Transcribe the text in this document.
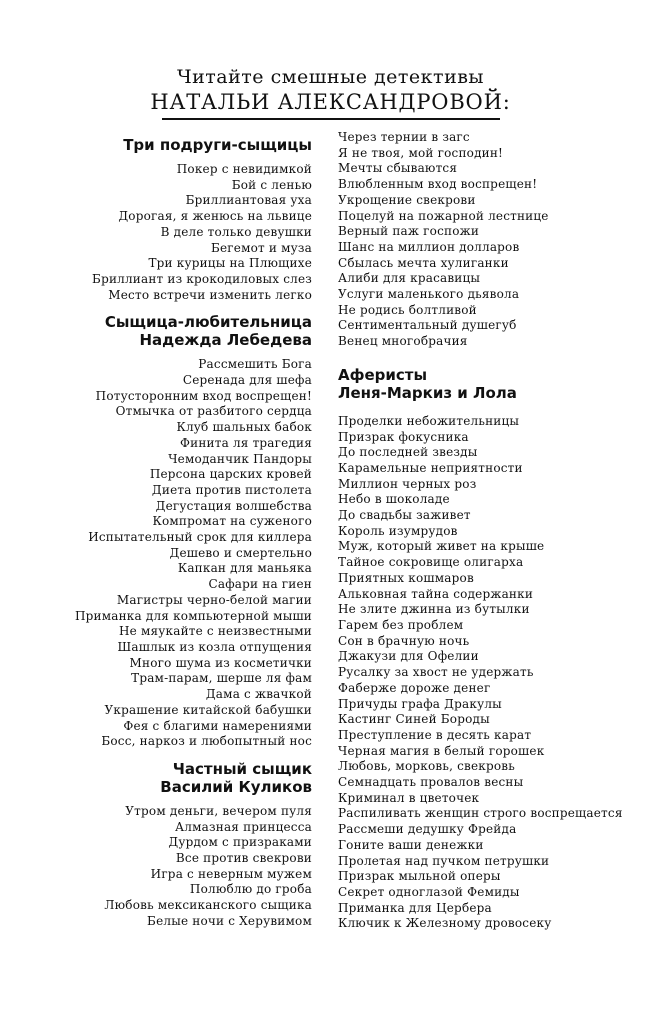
Читайте смешные детективы
НАТАЛЬИ АЛЕКСАНДРОВОЙ:
Три подруги-сыщицы
Покер с невидимкой
Бой с ленью
Бриллиантовая уха
Дорогая, я женюсь на львице
В деле только девушки
Бегемот и муза
Три курицы на Плющихе
Бриллиант из крокодиловых слез
Место встречи изменить легко
Сыщица-любительница
Надежда Лебедева
Рассмешить Бога
Серенада для шефа
Потусторонним вход воспрещен!
Отмычка от разбитого сердца
Клуб шальных бабок
Финита ля трагедия
Чемоданчик Пандоры
Персона царских кровей
Диета против пистолета
Дегустация волшебства
Компромат на суженого
Испытательный срок для киллера
Дешево и смертельно
Капкан для маньяка
Сафари на гиен
Магистры черно-белой магии
Приманка для компьютерной мыши
Не мяукайте с неизвестными
Шашлык из козла отпущения
Много шума из косметички
Трам-парам, шерше ля фам
Дама с жвачкой
Украшение китайской бабушки
Фея с благими намерениями
Босс, наркоз и любопытный нос
Частный сыщик
Василий Куликов
Утром деньги, вечером пуля
Алмазная принцесса
Дурдом с призраками
Все против свекрови
Игра с неверным мужем
Полюблю до гроба
Любовь мексиканского сыщика
Белые ночи с Херувимом
Через тернии в загс
Я не твоя, мой господин!
Мечты сбываются
Влюбленным вход воспрещен!
Укрощение свекрови
Поцелуй на пожарной лестнице
Верный паж госпожи
Шанс на миллион долларов
Сбылась мечта хулиганки
Алиби для красавицы
Услуги маленького дьявола
Не родись болтливой
Сентиментальный душегуб
Венец многобрачия
Аферисты
Леня-Маркиз и Лола
Проделки небожительницы
Призрак фокусника
До последней звезды
Карамельные неприятности
Миллион черных роз
Небо в шоколаде
До свадьбы заживет
Король изумрудов
Муж, который живет на крыше
Тайное сокровище олигарха
Приятных кошмаров
Альковная тайна содержанки
Не злите джинна из бутылки
Гарем без проблем
Сон в брачную ночь
Джакузи для Офелии
Русалку за хвост не удержать
Фаберже дороже денег
Причуды графа Дракулы
Кастинг Синей Бороды
Преступление в десять карат
Черная магия в белый горошек
Любовь, морковь, свекровь
Семнадцать провалов весны
Криминал в цветочек
Распиливать женщин строго воспрещается
Рассмеши дедушку Фрейда
Гоните ваши денежки
Пролетая над пучком петрушки
Призрак мыльной оперы
Секрет одноглазой Фемиды
Приманка для Цербера
Ключик к Железному дровосеку
